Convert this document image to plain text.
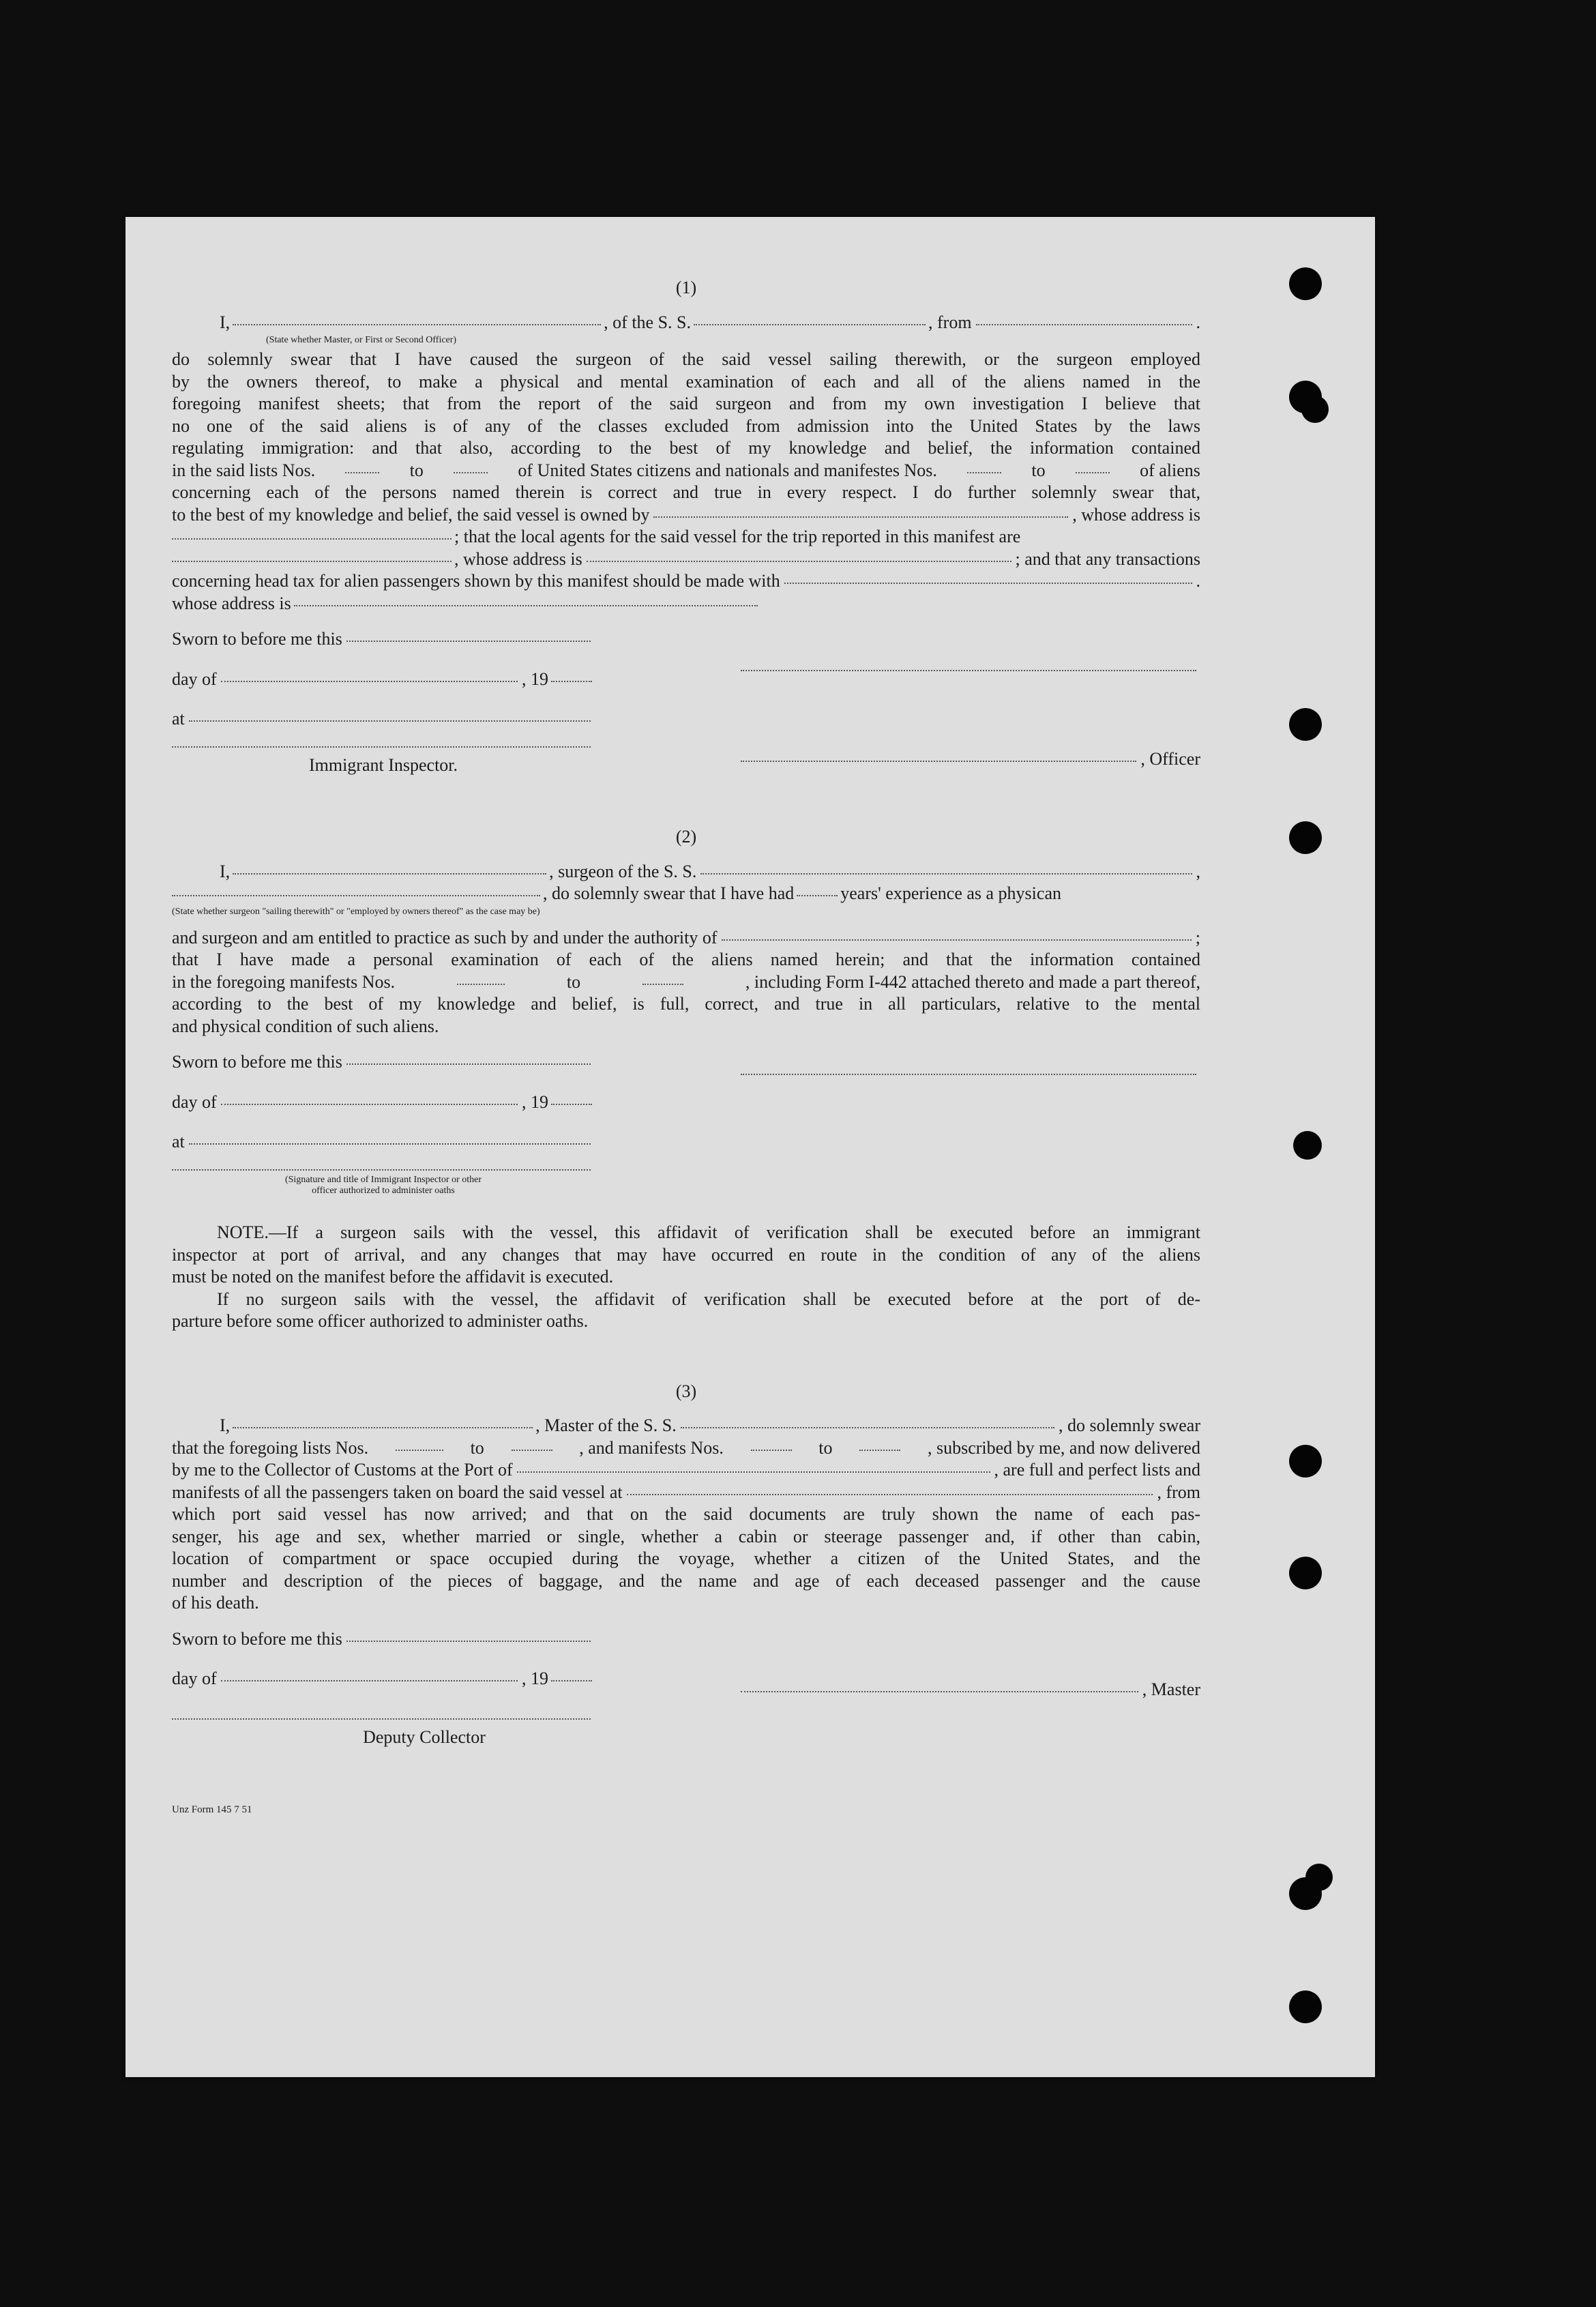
(1)
I,	, of the S. S.	, from	.
(State whether Master, or First or Second Officer)

do solemnly swear that I have caused the surgeon of the said vessel sailing therewith, or the surgeon employed

by the owners thereof, to make a physical and mental examination of each and all of the aliens named in the

foregoing manifest sheets; that from the report of the said surgeon and from my own investigation I believe that

no one of the said aliens is of any of the classes excluded from admission into the United States by the laws

regulating immigration: and that also, according to the best of my knowledge and belief, the information contained

in the said lists Nos.	to	of United States citizens and nationals and manifestes Nos.	to	of aliens

concerning each of the persons named therein is correct and true in every respect. I do further solemnly swear that,

to the best of my knowledge and belief, the said vessel is owned by	, whose address is
; that the local agents for the said vessel for the trip reported in this manifest are
, whose address is	; and that any transactions
concerning head tax for alien passengers shown by this manifest should be made with	.
whose address is
Sworn to before me this
day of	, 19
at
Immigrant Inspector.	, Officer
(2)
I,	, surgeon of the S. S.	,
, do solemnly swear that I have had	years' experience as a physican
(State whether surgeon "sailing therewith" or "employed by owners thereof" as the case may be)
and surgeon and am entitled to practice as such by and under the authority of	;

that I have made a personal examination of each of the aliens named herein; and that the information contained

in the foregoing manifests Nos.	to	, including Form I-442 attached thereto and made a part thereof,

according to the best of my knowledge and belief, is full, correct, and true in all particulars, relative to the mental

and physical condition of such aliens.

Sworn to before me this
day of	, 19
at
(Signature and title of Immigrant Inspector or other
officer authorized to administer oaths

NOTE.—If a surgeon sails with the vessel, this affidavit of verification shall be executed before an immigrant

inspector at port of arrival, and any changes that may have occurred en route in the condition of any of the aliens

must be noted on the manifest before the affidavit is executed.

If no surgeon sails with the vessel, the affidavit of verification shall be executed before at the port of de-

parture before some officer authorized to administer oaths.

(3)
I,	, Master of the S. S.	, do solemnly swear
that the foregoing lists Nos.	to	, and manifests Nos.	to	, subscribed by me, and now delivered
by me to the Collector of Customs at the Port of	, are full and perfect lists and
manifests of all the passengers taken on board the said vessel at	, from

which port said vessel has now arrived; and that on the said documents are truly shown the name of each pas-

senger, his age and sex, whether married or single, whether a cabin or steerage passenger and, if other than cabin,

location of compartment or space occupied during the voyage, whether a citizen of the United States, and the

number and description of the pieces of baggage, and the name and age of each deceased passenger and the cause

of his death.

Sworn to before me this
day of	, 19
Deputy Collector
, Master
Unz Form 145 7 51
